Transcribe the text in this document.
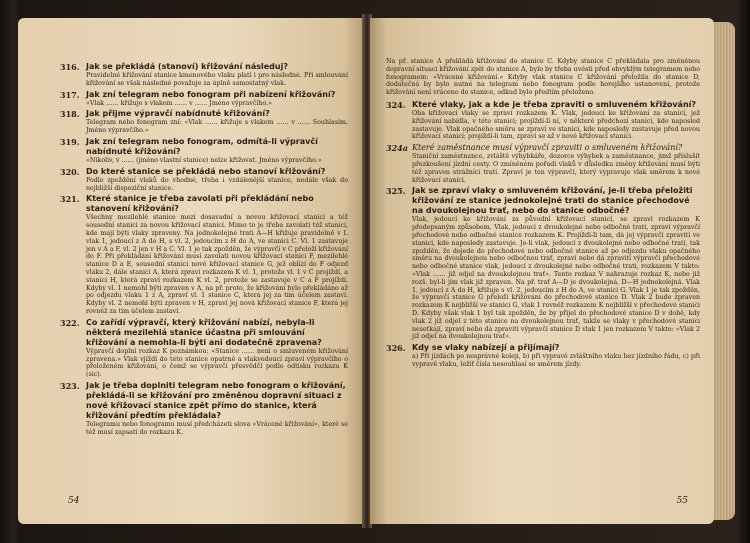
316. Jak se překládá (stanoví) křižování následuj?

Pravidelné křižování stanice kmenového vlaku platí i pro následné. Při smlouvání křižování se však následné považuje za úplně samostatný vlak.

317. Jak zní telegram nebo fonogram při nabízení křižování?

«Vlak …… křižuje s vlakem …… v …… Jméno výpravčího.»

318. Jak přijme výpravčí nabídnuté křižování?

Telegram nebo fonogram zní: «Vlak …… křižuje s vlakem …… v …… Souhlasím. Jméno výpravčího.»

319. Jak zní telegram nebo fonogram, odmítá-li výpravčí nabídnuté křižování?

«Nikoliv, v …… (jméno vlastní stanice) nelze křižovat. Jméno výpravčího.»

320. Do které stanice se překládá nebo stanoví křižování?

Podle zpoždění vlaků do vhodné, třeba i vzdálenější stanice, nedále však do nejbližší dispoziční stanice.

321. Které stanice je třeba zavolati při překládání nebo stanovení křižování?

Všechny mezilehlé stanice mezi dosavadní a novou křižovací stanicí a též sousední stanici za novou křižovací stanicí. Mimo to je třeba zavolati též stanici, kde mají býti vlaky zpraveny. Na jednokolejné trati A—H křižuje pravidelně v I. vlak 1, jedoucí z A do H, s vl. 2, jedoucím z H do A, ve stanici C. Vl. 1 zastavuje jen v A a F, vl. 2 jen v H a C. Vl. 1 je tak zpožděn, že výpravčí v C přeloží křižování do F. Při překládání křižování musí zavolati novou křižovací stanici F, mezilehlé stanice D a E, sousední stanici nové křižovací stanice G, jež oblízí do F odjezd vlaku 2, dále stanici A, která zpraví rozkazem K vl. 1, protože vl. 1 v C projíždí, a stanici H, která zpraví rozkazem K vl. 2, protože se zastavuje v C a F projíždí. Kdyby vl. 1 nemohl býti zpraven v A, na př. proto, že křižování bylo překládáno až po odjezdu vlaku 1 z A, zpraví vl. 1 stanice C, která jej za tím účelem zastaví. Kdyby vl. 2 nemohl býti zpraven v H, zpraví jej nová křižovací stanice F, která jej rovněž za tím účelem zastaví.

322. Co zařídí výpravčí, který křižování nabízí, nebyla-li některá mezilehlá stanice účastna při smlouvání křižování a nemohla-li býti ani dodatečně zpravena?

Výpravčí doplní rozkaz K poznámkou: «Stanice …… není o smluveném křižování zpravena.» Vlak vjíždí do této stanice opatrně a vlakvedoucí zpraví výpravčího o přeloženém křižování, o čemž se výpravčí přesvědčí podle odtisku rozkazu K (sic).

323. Jak je třeba doplniti telegram nebo fonogram o křižování, překládá-li se křižování pro změněnou dopravní situaci z nové křižovací stanice zpět přímo do stanice, která křižování předtím překládala?

Telegramu nebo fonogramu musí předcházeti slova «Vrácené křižování», které se též musí zapsati do rozkazu K.

54

Na př. stanice A překládá křižování do stanice C. Kdyby stanice C překládala pro změněnou dopravní situaci křižování zpět do stanice A, bylo by třeba uvésti před obvyklým telegramem nebo fonogramem: «Vrácené křižování.» Kdyby vlak stanice C křižování přeložila do stanice D, dodatečná by bylo nutné na telegram nebo fonogram podle horejšího ustanovení, protože křižování není vráceno do stanice, odkud bylo předtím přeloženo.

324. Které vlaky, jak a kde je třeba zpraviti o smluveném křižování?

Oba křižovací vlaky se zpraví rozkazem K. Vlak, jedoucí ke křižování za stanicí, jež křižování nabídla, v této stanici; projíždí-li ní, v některé předchozí stanici, kde naposled zastavuje. Vlak opačného směru se zpraví ve stanici, kde naposledy zastavuje před novou křižovací stanicí; projíždí-li tam, zpraví se až v nové křižovací stanici.

324a Které zaměstnance musí výpravčí zpraviti o smluveném křižování?

Staniční zaměstnance, zvláště výhybkáře, dozorce výhybek a zaměstnance, jimž příslušít přezkoušení jízdní cesty. O zmíněném pořadí vlaků v důsledku změny křižování musí býti též zpraven strážníci tratí. Zpraví je ten výpravčí, který vypravuje vlak směrem k nové křižovací stanici.

325. Jak se zpraví vlaky o smluveném křižování, je-li třeba přeložiti křižování ze stanice jednokolejné trati do stanice přechodové na dvoukolejnou trať, nebo do stanice odbočné?

Vlak, jedoucí ke křižování za původní křižovací stanicí, se zpraví rozkazem K předepsaným způsobem. Vlak, jedoucí z dvoukolejné nebo odbočné trati, zpraví výpravčí přechodové nebo odbočné stanice rozkazem K. Projíždí-li tam, dá jej výpravčí zpraviti ve stanici, kde naposledy zastavuje. Je-li vlak, jedoucí z dvoukolejné nebo odbočné trati, tak zpožděn, že dojede do přechodové nebo odbočné stanice až po odjezdu vlaku opačného směru na dvoukolejnou nebo odbočnou trať, zpraví nebo dá zpraviti výpravčí přechodové nebo odbočné stanice vlak, jedoucí z dvoukolejné nebo odbočné trati, rozkazem V takto: «Vlak …… již odjel na dvoukolejnou trať». Tento rozkaz V nahrazuje rozkaz K, nebo již rozš. byl-li jím vlak již zpraven. Na př. trať A—D je dvoukolejná, D—H jednokolejná. Vlak 1, jedoucí z A do H, křižuje s vl. 2, jedoucím z H do A, ve stanici G. Vlak 1 je tak zpožděn, že výpravčí stanice G přeloží křižování do přechodové stanice D. Vlak 2 bude zpraven rozkazem K nejbližší ve stanici G, vlak 1 rovněž rozkazem K nejbližší v přechodové stanici D. Kdyby však vlak 1 byl tak zpožděn, že by přijel do přechodové stanice D v době, kdy vlak 2 již odjel z této stanice na dvoukolejnou trať, takže se vlaky v přechodové stanici nesetkají, zpraví nebo dá zpraviti výpravčí stanice D vlak 1 jen rozkazem V takto: «Vlak 2 již odjel na dvoukolejnou trať».

326. Kdy se vlaky nabízejí a přijímají?

a) Při jízdách po nesprávné koleji, b) při vypravě zvláštního vlaku bez jízdního řádu, c) při vypravě vlaku, ležíť čísla nesouhlasí se směrem jízdy.

55
